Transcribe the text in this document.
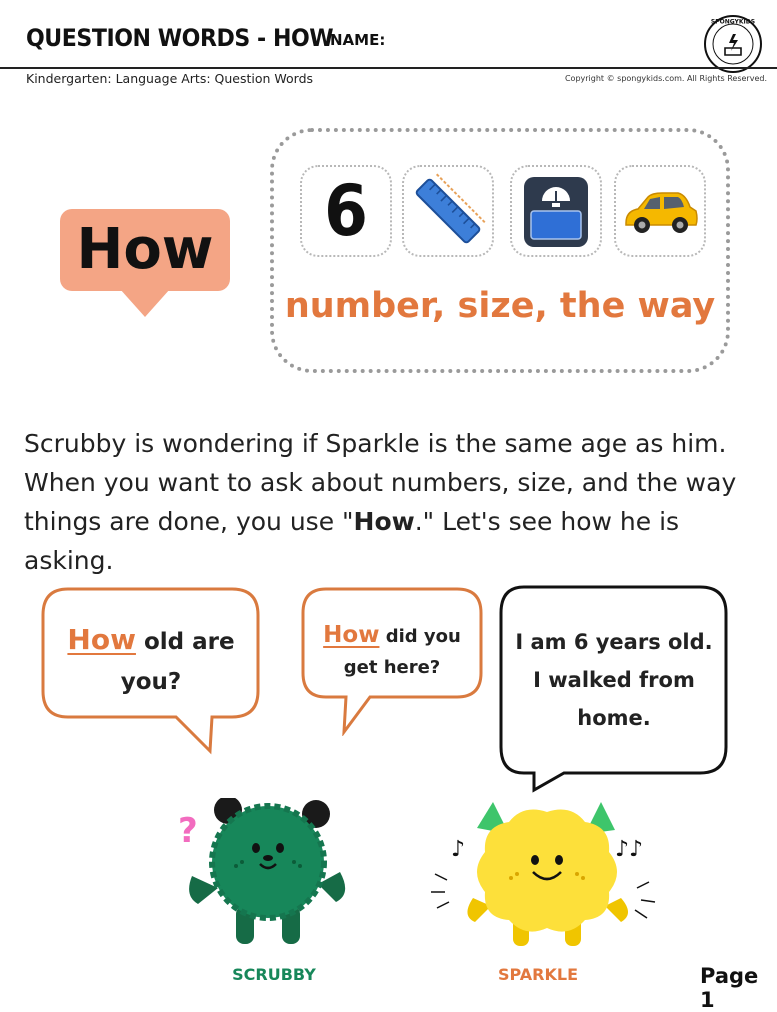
QUESTION WORDS - HOW
NAME:
SPONGYKIDS
Kindergarten: Language Arts: Question Words	Copyright © spongykids.com. All Rights Reserved.
How	6
number, size, the way
Scrubby is wondering if Sparkle is the same age as him. When you want to ask about numbers, size, and the way things are done, you use "How." Let's see how he is asking.
How old are
you?
How did you
get here?
I am 6 years old.
I walked from
home.
?	♪	♪♪
SCRUBBY	SPARKLE	Page 1
